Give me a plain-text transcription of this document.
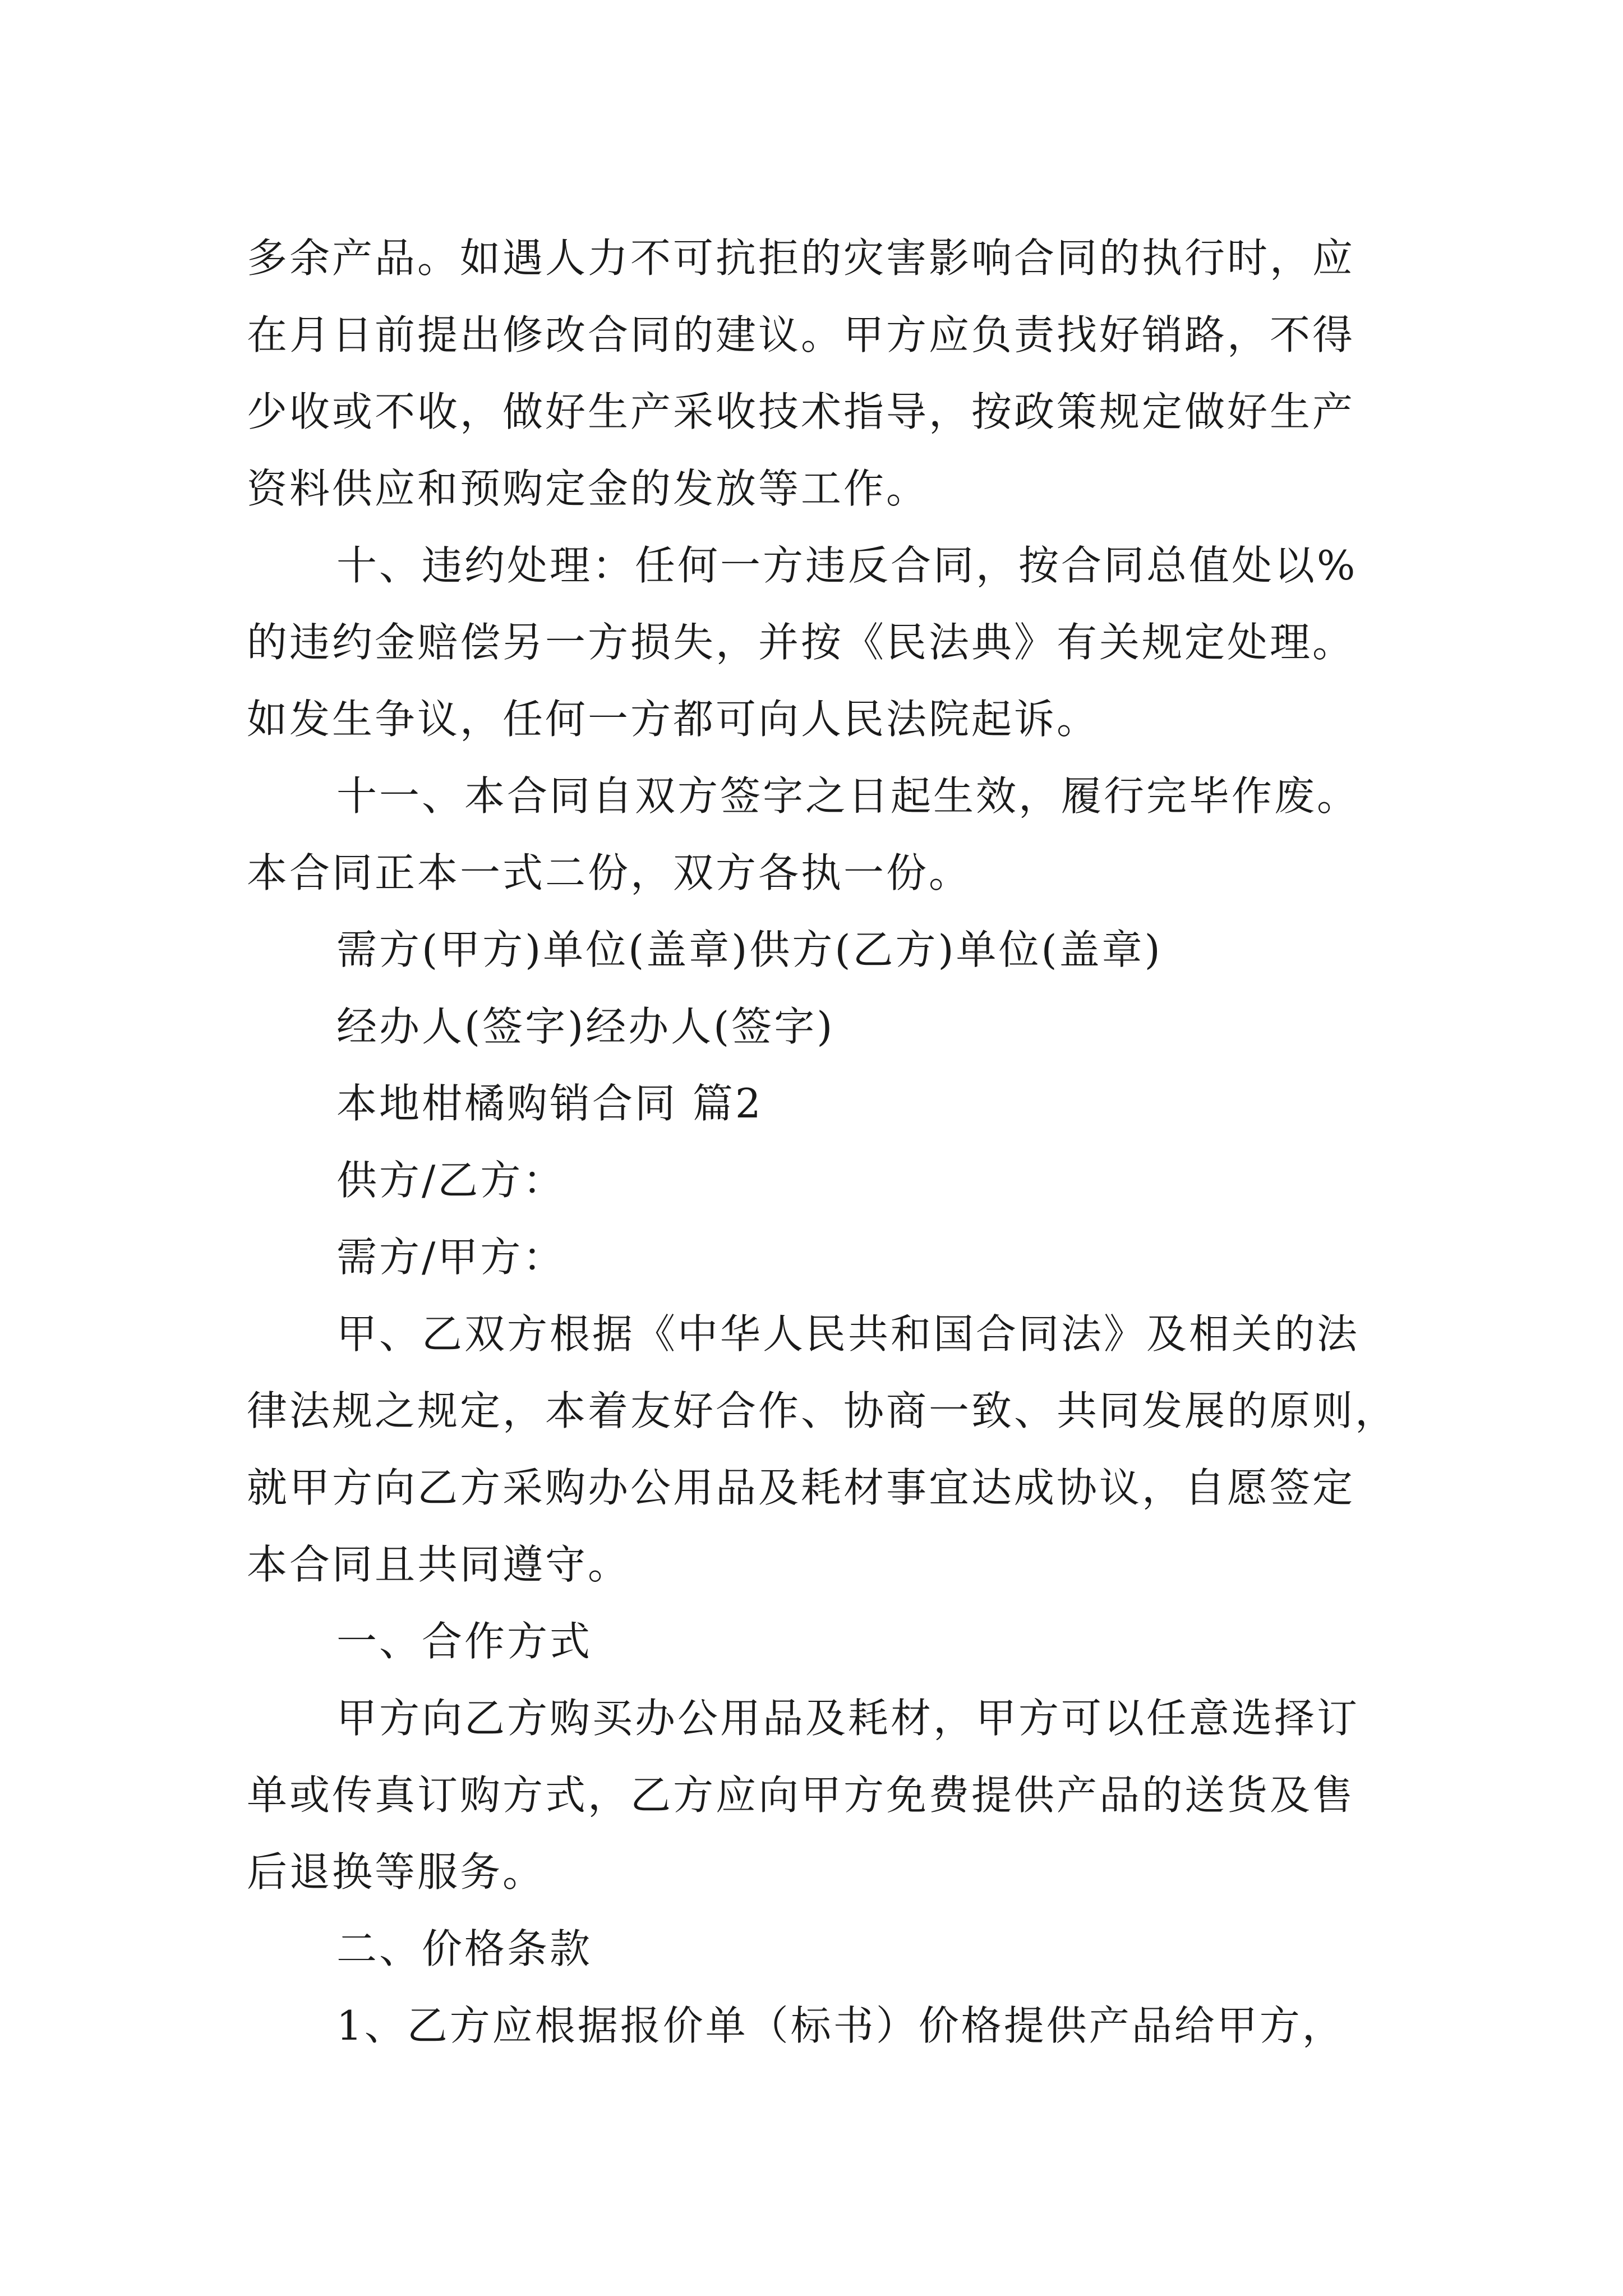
多余产品。如遇人力不可抗拒的灾害影响合同的执行时，应

在月日前提出修改合同的建议。甲方应负责找好销路，不得

少收或不收，做好生产采收技术指导，按政策规定做好生产

资料供应和预购定金的发放等工作。

十、违约处理：任何一方违反合同，按合同总值处以%

的违约金赔偿另一方损失，并按《民法典》有关规定处理。

如发生争议，任何一方都可向人民法院起诉。

十一、本合同自双方签字之日起生效，履行完毕作废。

本合同正本一式二份，双方各执一份。

需方(甲方)单位(盖章)供方(乙方)单位(盖章)

经办人(签字)经办人(签字)

本地柑橘购销合同 篇2

供方/乙方：

需方/甲方：

甲、乙双方根据《中华人民共和国合同法》及相关的法

律法规之规定，本着友好合作、协商一致、共同发展的原则，

就甲方向乙方采购办公用品及耗材事宜达成协议，自愿签定

本合同且共同遵守。

一、合作方式

甲方向乙方购买办公用品及耗材，甲方可以任意选择订

单或传真订购方式，乙方应向甲方免费提供产品的送货及售

后退换等服务。

二、价格条款

1、乙方应根据报价单（标书）价格提供产品给甲方，
